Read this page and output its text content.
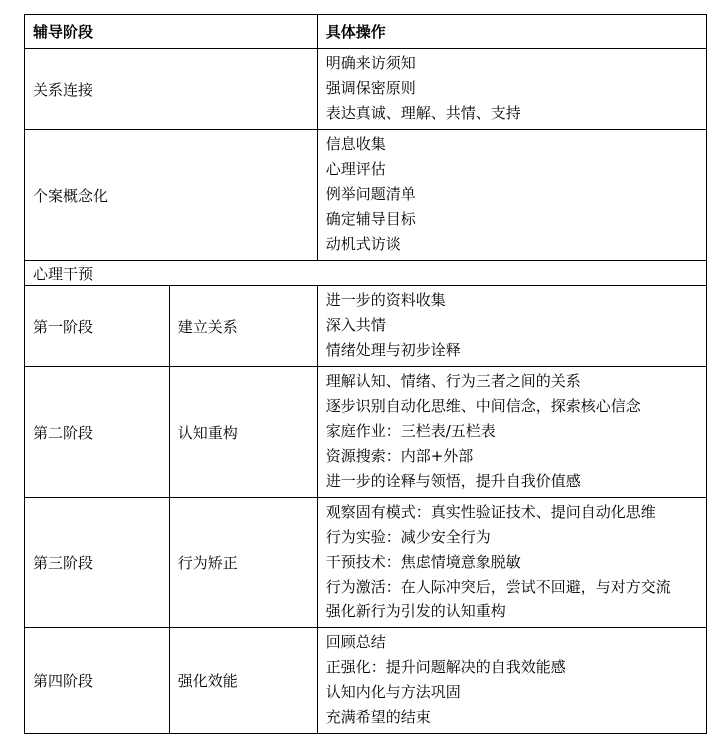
辅导阶段		具体操作
关系连接		明确来访须知
强调保密原则
表达真诚、理解、共情、支持

个案概念化		信息收集
心理评估
例举问题清单
确定辅导目标
动机式访谈

心理干预		
第一阶段	建立关系	进一步的资料收集
深入共情
情绪处理与初步诠释

第二阶段	认知重构	理解认知、情绪、行为三者之间的关系
逐步识别自动化思维、中间信念，探索核心信念
家庭作业：三栏表/五栏表
资源搜索：内部+外部
进一步的诠释与领悟，提升自我价值感

第三阶段	行为矫正	观察固有模式：真实性验证技术、提问自动化思维
行为实验：减少安全行为
干预技术：焦虑情境意象脱敏
行为激活：在人际冲突后，尝试不回避，与对方交流
强化新行为引发的认知重构

第四阶段	强化效能	回顾总结
正强化：提升问题解决的自我效能感
认知内化与方法巩固
充满希望的结束
